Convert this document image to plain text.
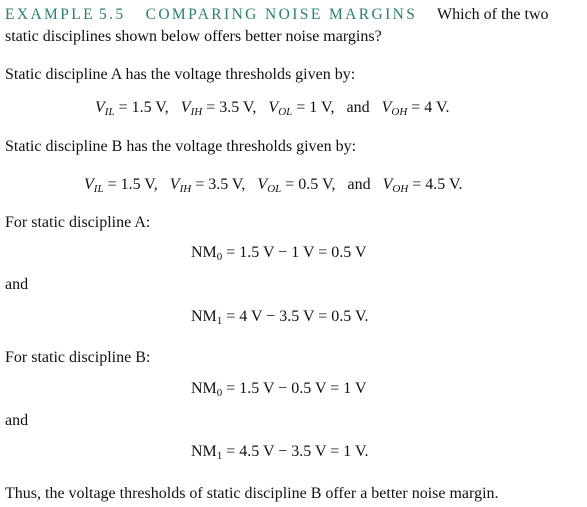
EXAMPLE 5.5 COMPARING NOISE MARGINS Which of the two
static disciplines shown below offers better noise margins?
Static discipline A has the voltage thresholds given by:
$V_{IL} = 1.5$ V, $V_{IH} = 3.5$ V, $V_{OL} = 1$ V, and $V_{OH} = 4$ V.
Static discipline B has the voltage thresholds given by:
$V_{IL} = 1.5$ V, $V_{IH} = 3.5$ V, $V_{OL} = 0.5$ V, and $V_{OH} = 4.5$ V.
For static discipline A:
$NM_0 = 1.5$ V − 1 V = 0.5 V
and
$NM_1 = 4$ V − 3.5 V = 0.5 V.
For static discipline B:
$NM_0 = 1.5$ V − 0.5 V = 1 V
and
$NM_1 = 4.5$ V − 3.5 V = 1 V.
Thus, the voltage thresholds of static discipline B offer a better noise margin.
